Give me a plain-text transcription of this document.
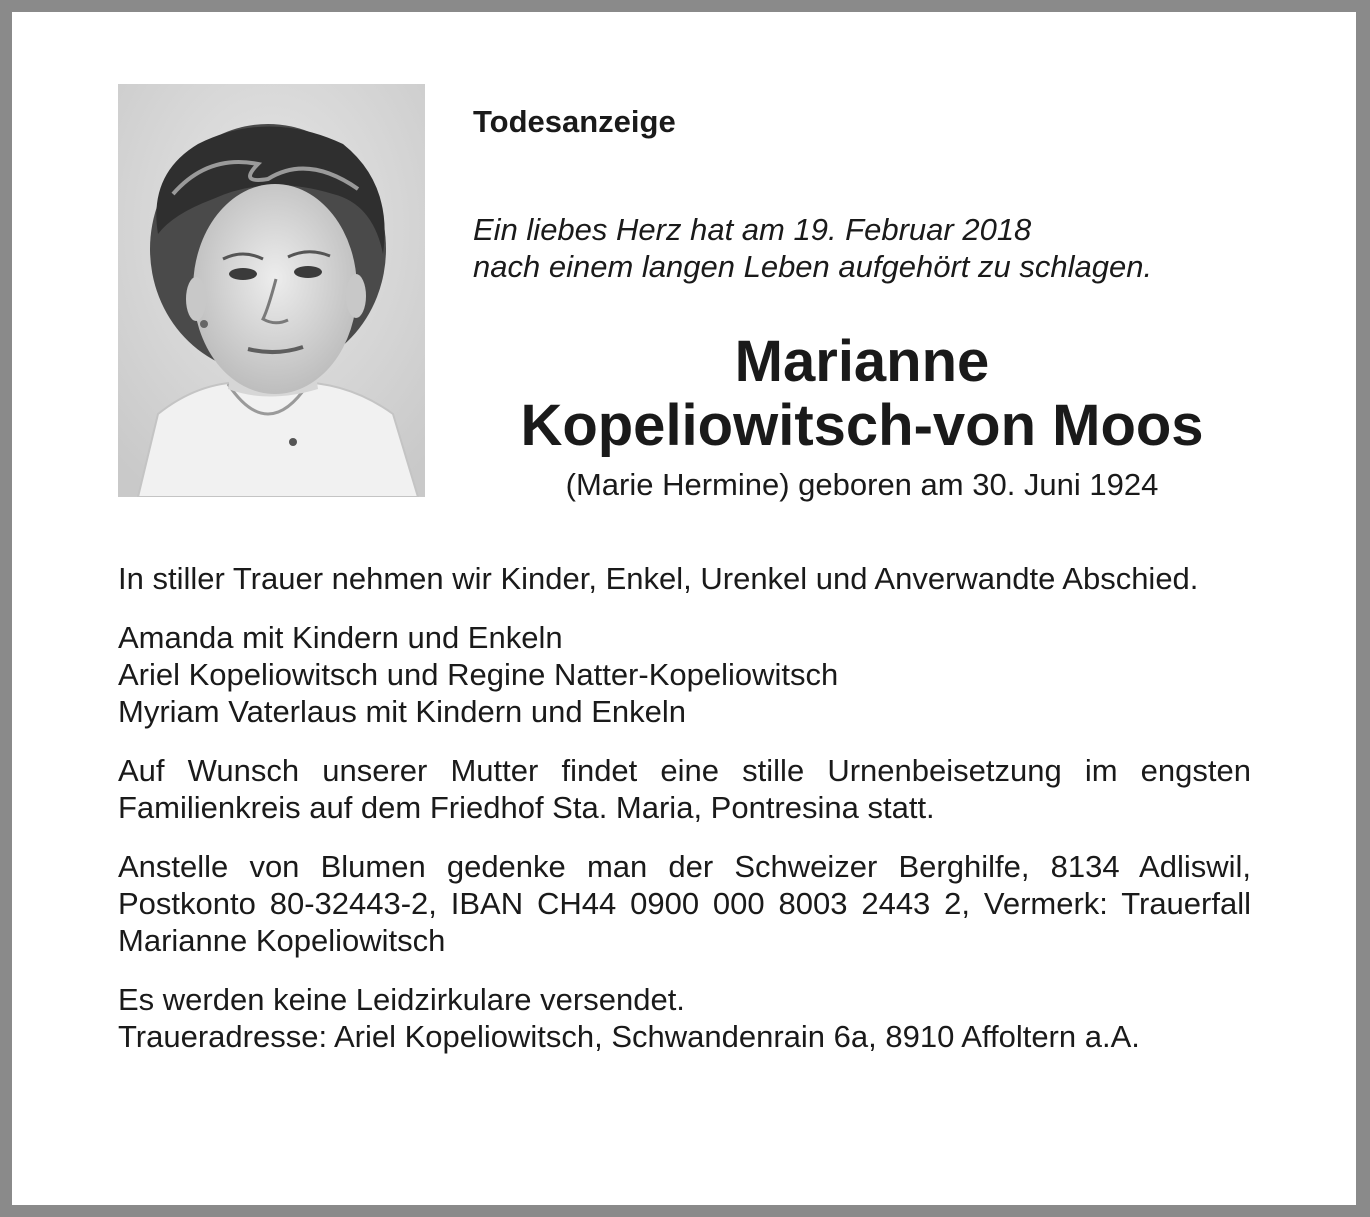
Todesanzeige

Ein liebes Herz hat am 19. Februar 2018
nach einem langen Leben aufgehört zu schlagen.

Marianne
Kopeliowitsch-von Moos

(Marie Hermine) geboren am 30. Juni 1924

In stiller Trauer nehmen wir Kinder, Enkel, Urenkel und Anverwandte Abschied.

Amanda mit Kindern und Enkeln
Ariel Kopeliowitsch und Regine Natter-Kopeliowitsch
Myriam Vaterlaus mit Kindern und Enkeln

Auf Wunsch unserer Mutter findet eine stille Urnenbeisetzung im engsten Familienkreis auf dem Friedhof Sta. Maria, Pontresina statt.

Anstelle von Blumen gedenke man der Schweizer Berghilfe, 8134 Adliswil, Postkonto 80-32443-2, IBAN CH44 0900 000 8003 2443 2, Vermerk: Trauerfall Marianne Kopeliowitsch

Es werden keine Leidzirkulare versendet.
Traueradresse: Ariel Kopeliowitsch, Schwandenrain 6a, 8910 Affoltern a.A.
